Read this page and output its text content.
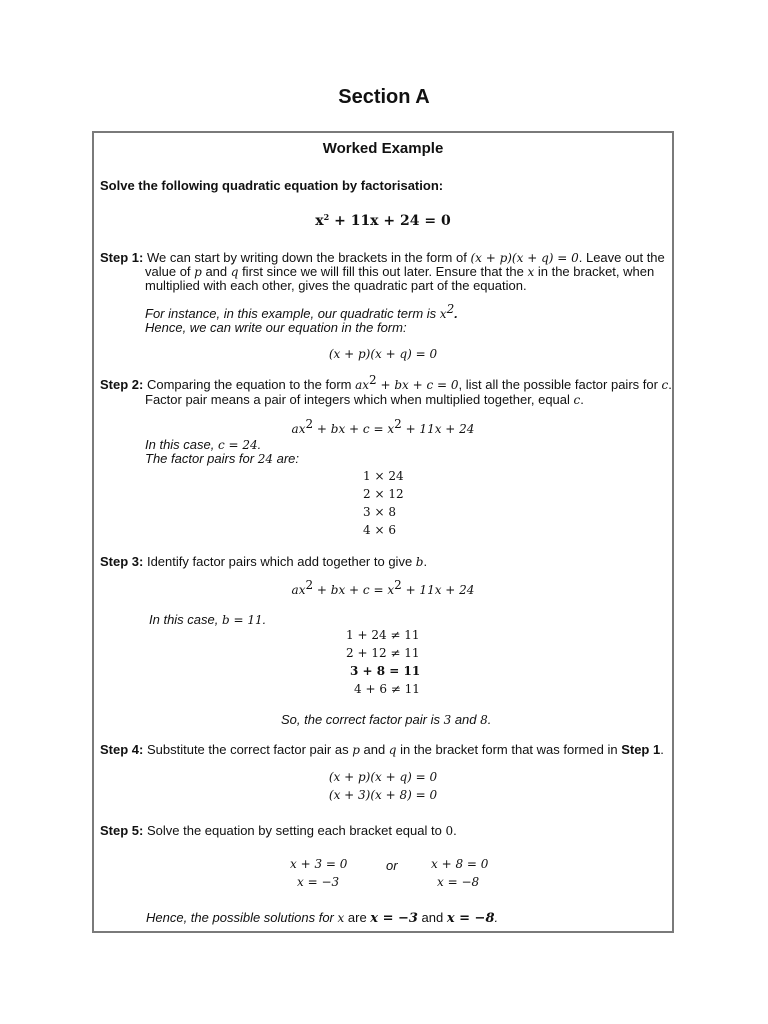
Section A
Worked Example
Solve the following quadratic equation by factorisation:
$x^2 + 11x + 24 = 0$
Step 1: We can start by writing down the brackets in the form of (x + p)(x + q) = 0. Leave out the
value of p and q first since we will fill this out later. Ensure that the x in the bracket, when
multiplied with each other, gives the quadratic part of the equation.
For instance, in this example, our quadratic term is $x^2$.
Hence, we can write our equation in the form:
(x + p)(x + q) = 0
Step 2: Comparing the equation to the form $ax^2$ + bx + c = 0, list all the possible factor pairs for c.
Factor pair means a pair of integers which when multiplied together, equal c.
$ax^2$ + bx + $c = x^2 + 11x + 24$
In this case, c = 24.
The factor pairs for 24 are:
1 × 24
2 × 12
3 × 8
4 × 6
Step 3: Identify factor pairs which add together to give b.
$ax^2$ + bx + $c = x^2 + 11x + 24$
In this case, b = 11.
1 + 24 ≠ 11
2 + 12 ≠ 11
3 + 8 = 11
4 + 6 ≠ 11
So, the correct factor pair is 3 and 8.
Step 4: Substitute the correct factor pair as p and q in the bracket form that was formed in Step 1.
(x + p)(x + q) = 0
(x + 3)(x + 8) = 0
Step 5: Solve the equation by setting each bracket equal to 0.
x + 3 = 0
x = −3
or	x + 8 = 0
x = −8
Hence, the possible solutions for x are x = −3 and x = −8.
